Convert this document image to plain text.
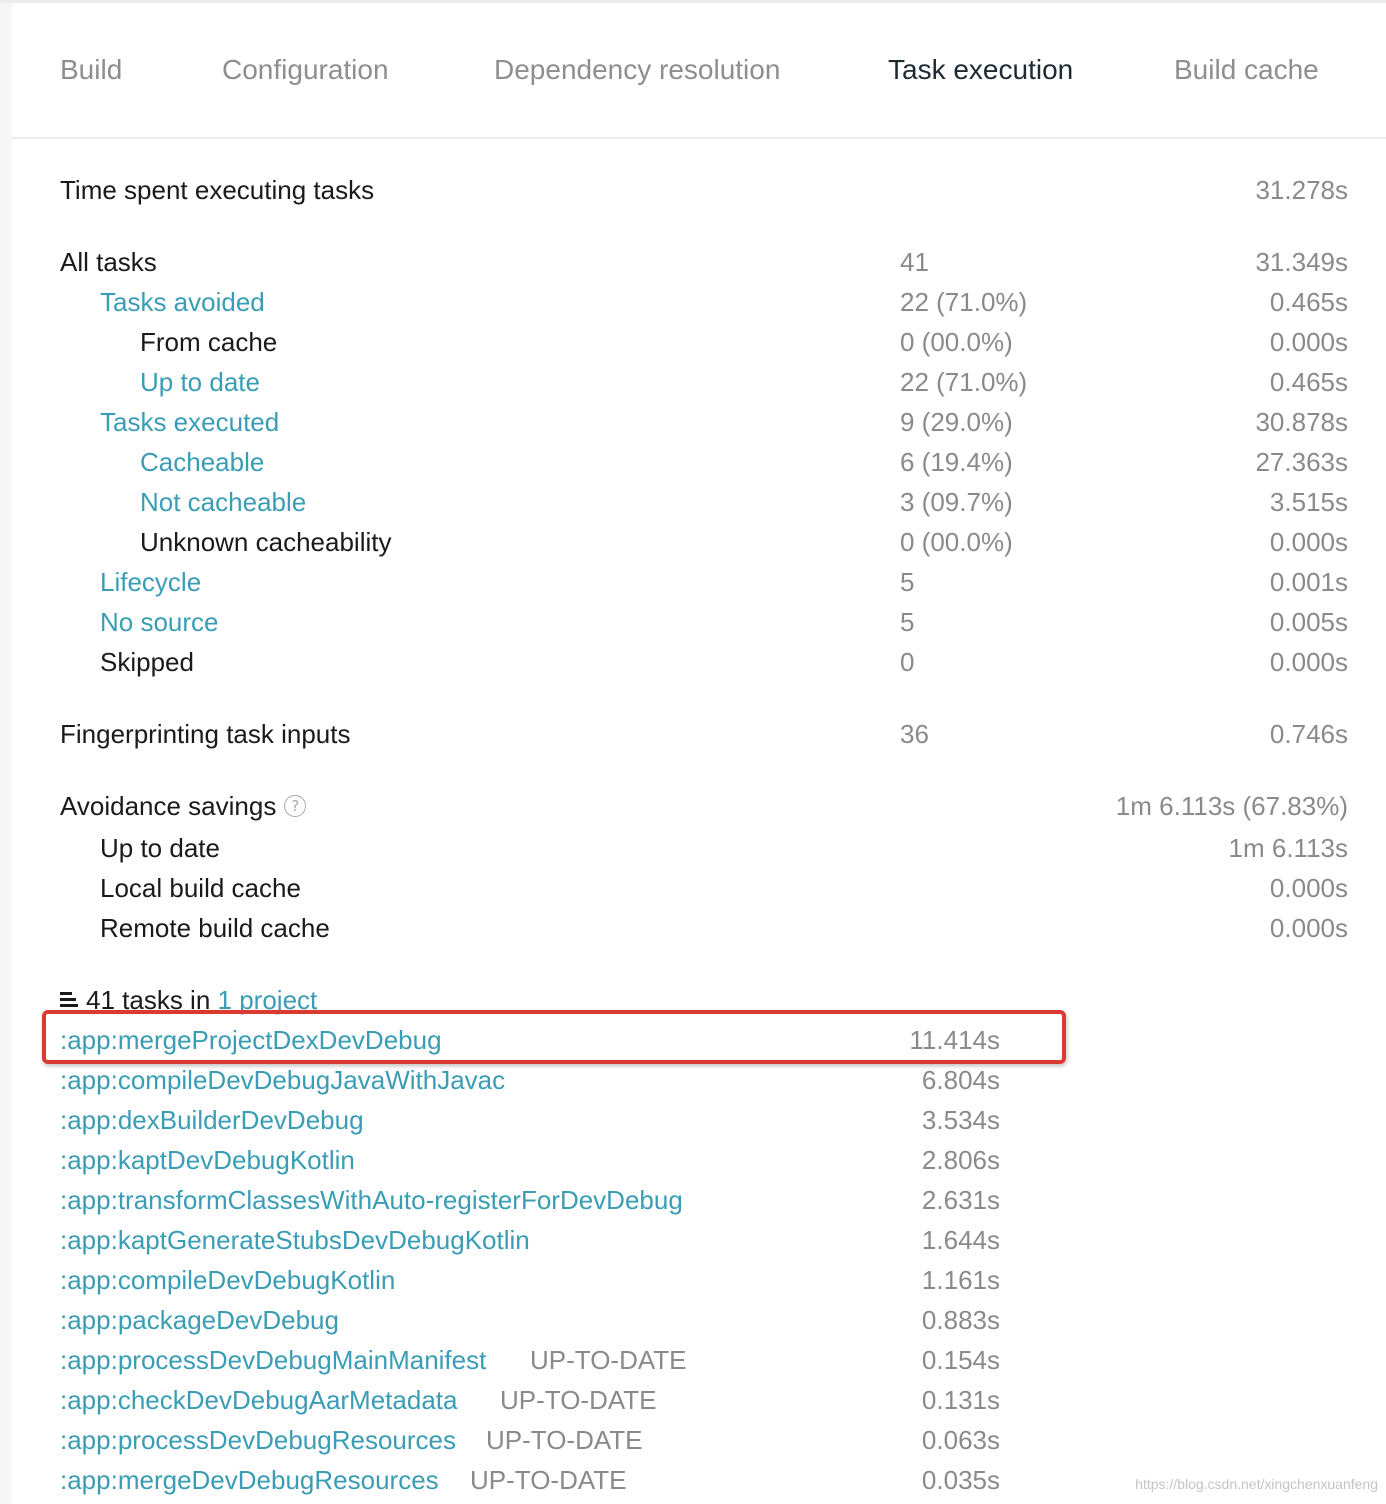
Build	Configuration	Dependency resolution	Task execution	Build cache
Time spent executing tasks	31.278s
All tasks	41	31.349s
Tasks avoided	22 (71.0%)	0.465s
From cache	0 (00.0%)	0.000s
Up to date	22 (71.0%)	0.465s
Tasks executed	9 (29.0%)	30.878s
Cacheable	6 (19.4%)	27.363s
Not cacheable	3 (09.7%)	3.515s
Unknown cacheability	0 (00.0%)	0.000s
Lifecycle	5	0.001s
No source	5	0.005s
Skipped	0	0.000s
Fingerprinting task inputs	36	0.746s
Avoidance savings ?	1m 6.113s (67.83%)
Up to date	1m 6.113s
Local build cache	0.000s
Remote build cache	0.000s
41 tasks in 1 project
:app:mergeProjectDexDevDebug	11.414s
:app:compileDevDebugJavaWithJavac	6.804s
:app:dexBuilderDevDebug	3.534s
:app:kaptDevDebugKotlin	2.806s
:app:transformClassesWithAuto-registerForDevDebug	2.631s
:app:kaptGenerateStubsDevDebugKotlin	1.644s
:app:compileDevDebugKotlin	1.161s
:app:packageDevDebug	0.883s
:app:processDevDebugMainManifest UP-TO-DATE	0.154s
:app:checkDevDebugAarMetadata UP-TO-DATE	0.131s
:app:processDevDebugResources UP-TO-DATE	0.063s
:app:mergeDevDebugResources UP-TO-DATE	0.035s	https://blog.csdn.net/xingchenxuanfeng
